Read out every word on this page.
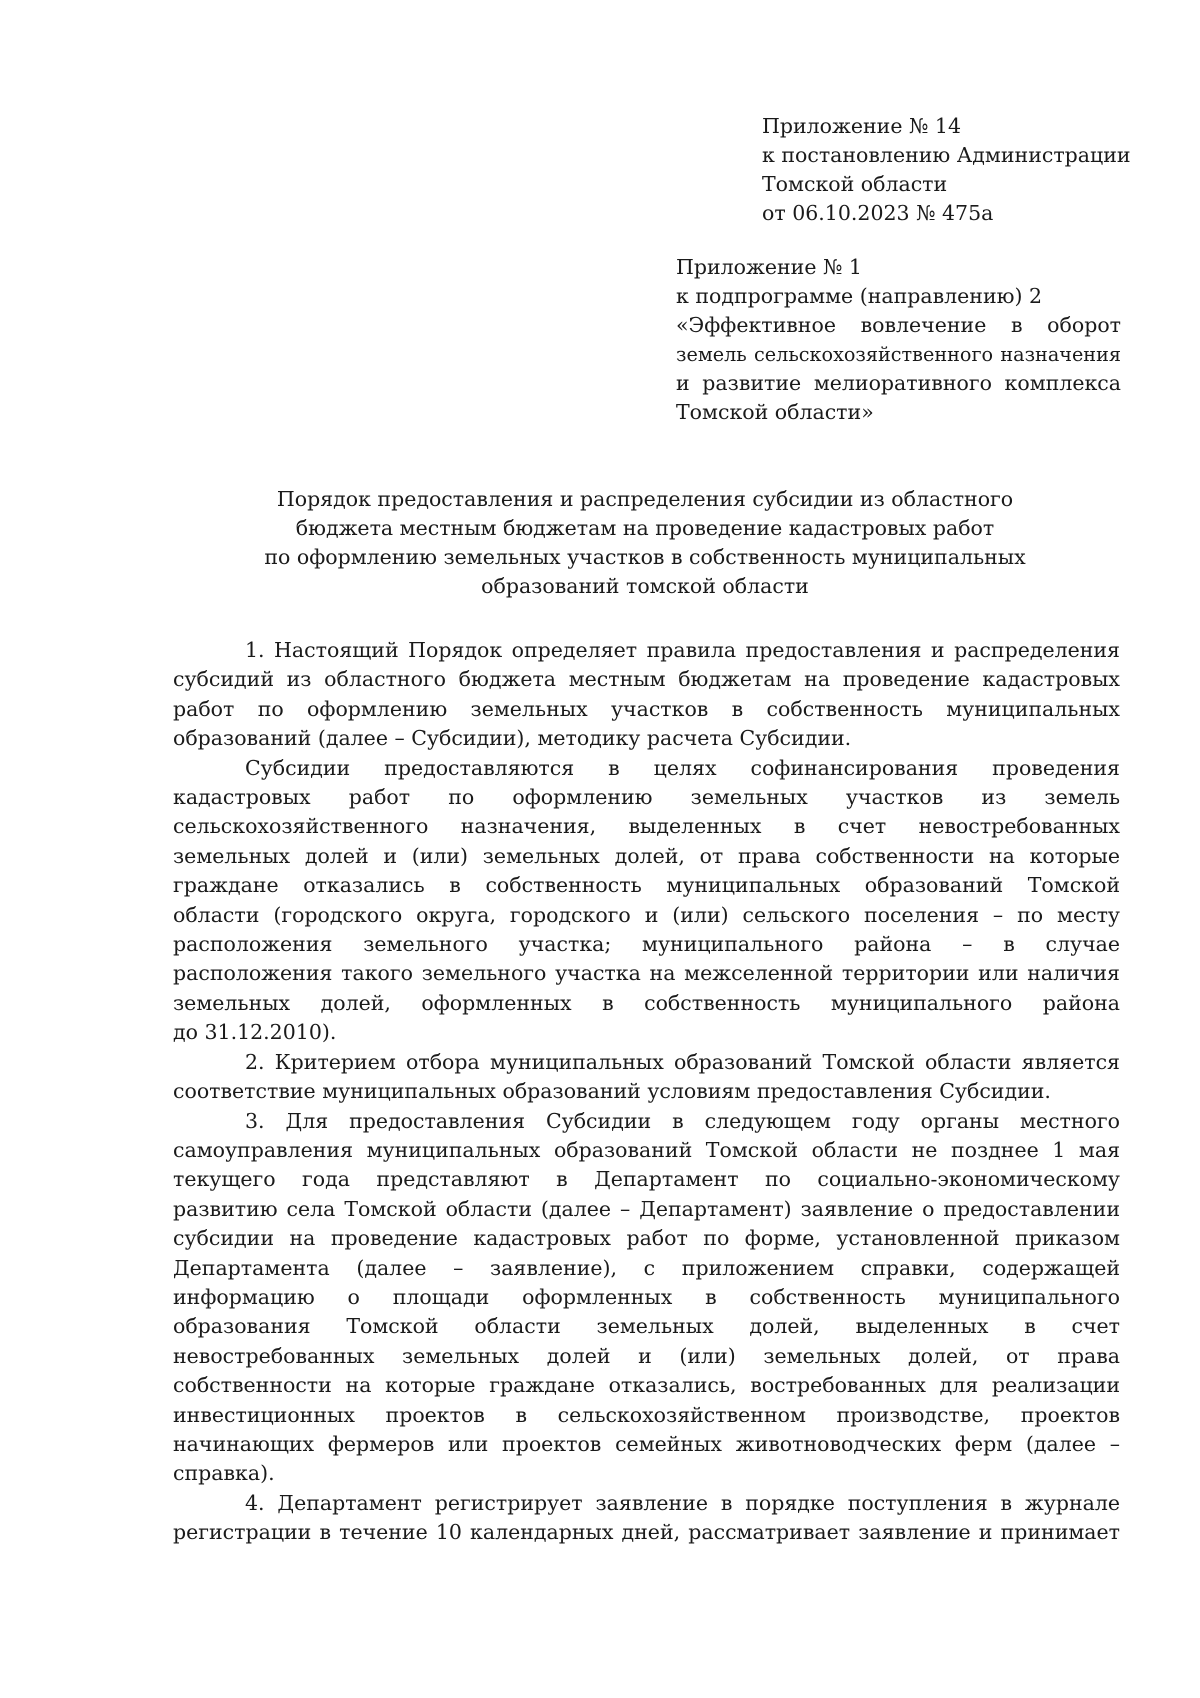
Приложение № 14
к постановлению Администрации
Томской области
от 06.10.2023 № 475а
Приложение № 1
к подпрограмме (направлению) 2
«Эффективное вовлечение в оборот
земель сельскохозяйственного назначения
и развитие мелиоративного комплекса
Томской области»
Порядок предоставления и распределения субсидии из областного
бюджета местным бюджетам на проведение кадастровых работ
по оформлению земельных участков в собственность муниципальных
образований томской области
1. Настоящий Порядок определяет правила предоставления и распределения
субсидий из областного бюджета местным бюджетам на проведение кадастровых
работ по оформлению земельных участков в собственность муниципальных
образований (далее – Субсидии), методику расчета Субсидии.
Субсидии предоставляются в целях софинансирования проведения
кадастровых работ по оформлению земельных участков из земель
сельскохозяйственного назначения, выделенных в счет невостребованных
земельных долей и (или) земельных долей, от права собственности на которые
граждане отказались в собственность муниципальных образований Томской
области (городского округа, городского и (или) сельского поселения – по месту
расположения земельного участка; муниципального района – в случае
расположения такого земельного участка на межселенной территории или наличия
земельных долей, оформленных в собственность муниципального района
до 31.12.2010).
2. Критерием отбора муниципальных образований Томской области является
соответствие муниципальных образований условиям предоставления Субсидии.
3. Для предоставления Субсидии в следующем году органы местного
самоуправления муниципальных образований Томской области не позднее 1 мая
текущего года представляют в Департамент по социально-экономическому
развитию села Томской области (далее – Департамент) заявление о предоставлении
субсидии на проведение кадастровых работ по форме, установленной приказом
Департамента (далее – заявление), с приложением справки, содержащей
информацию о площади оформленных в собственность муниципального
образования Томской области земельных долей, выделенных в счет
невостребованных земельных долей и (или) земельных долей, от права
собственности на которые граждане отказались, востребованных для реализации
инвестиционных проектов в сельскохозяйственном производстве, проектов
начинающих фермеров или проектов семейных животноводческих ферм (далее –
справка).
4. Департамент регистрирует заявление в порядке поступления в журнале
регистрации в течение 10 календарных дней, рассматривает заявление и принимает
